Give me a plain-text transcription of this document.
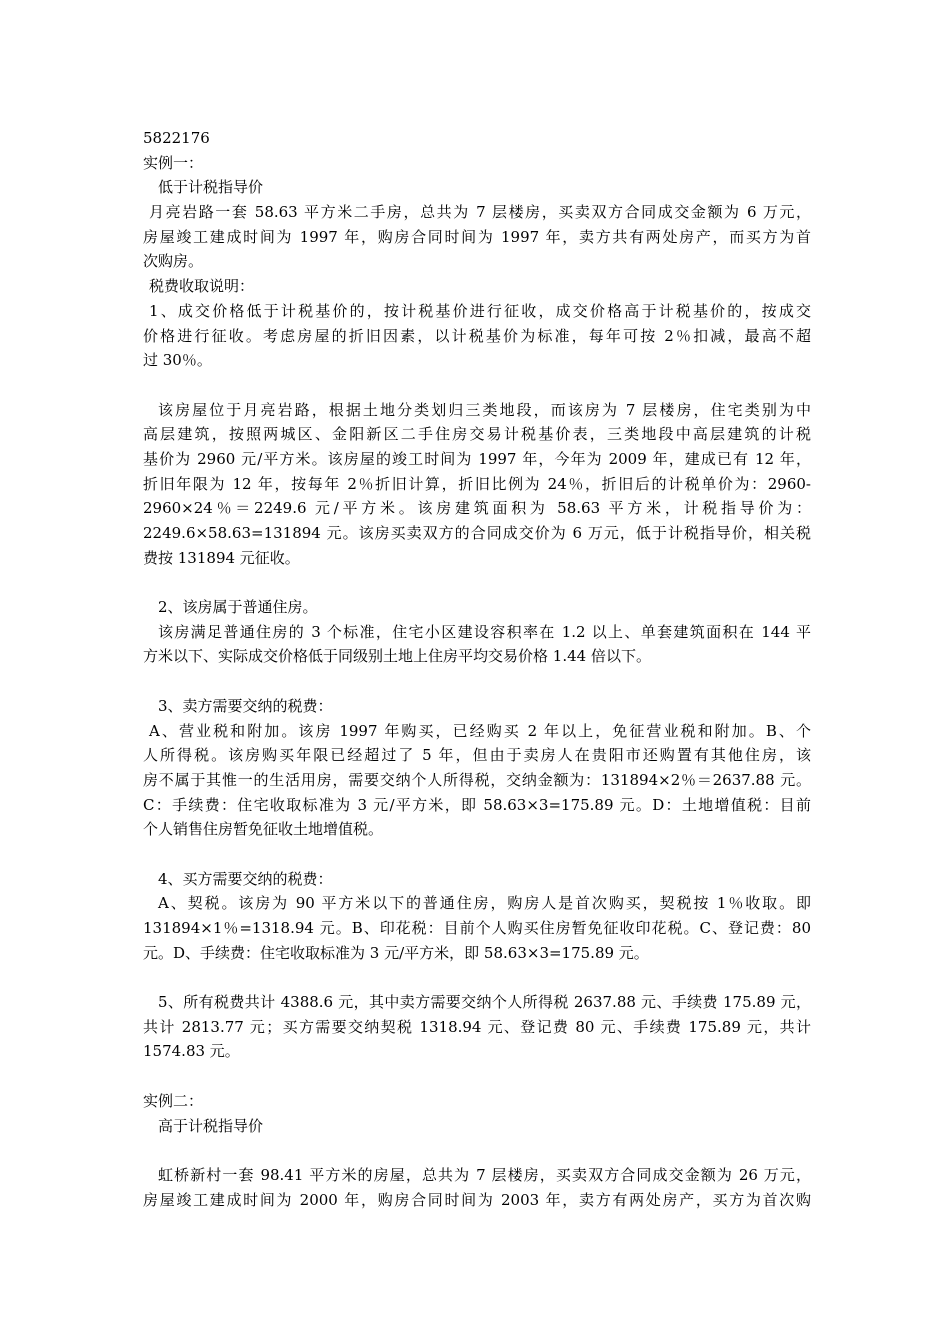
5822176
实例一：
低于计税指导价
月亮岩路一套 58.63 平方米二手房，总共为 7 层楼房，买卖双方合同成交金额为 6 万元，
房屋竣工建成时间为 1997 年，购房合同时间为 1997 年，卖方共有两处房产，而买方为首
次购房。
税费收取说明：
1、成交价格低于计税基价的，按计税基价进行征收，成交价格高于计税基价的，按成交
价格进行征收。考虑房屋的折旧因素，以计税基价为标准，每年可按 2％扣减，最高不超
过 30％。
该房屋位于月亮岩路，根据土地分类划归三类地段，而该房为 7 层楼房，住宅类别为中
高层建筑，按照两城区、金阳新区二手住房交易计税基价表，三类地段中高层建筑的计税
基价为 2960 元/平方米。该房屋的竣工时间为 1997 年，今年为 2009 年，建成已有 12 年，
折旧年限为 12 年，按每年 2％折旧计算，折旧比例为 24％，折旧后的计税单价为：2960-
2960×24％＝2249.6 元/平方米。该房建筑面积为 58.63 平方米，计税指导价为：
2249.6×58.63=131894 元。该房买卖双方的合同成交价为 6 万元，低于计税指导价，相关税
费按 131894 元征收。
2、该房属于普通住房。
该房满足普通住房的 3 个标准，住宅小区建设容积率在 1.2 以上、单套建筑面积在 144 平
方米以下、实际成交价格低于同级别土地上住房平均交易价格 1.44 倍以下。
3、卖方需要交纳的税费：
A、营业税和附加。该房 1997 年购买，已经购买 2 年以上，免征营业税和附加。B、个
人所得税。该房购买年限已经超过了 5 年，但由于卖房人在贵阳市还购置有其他住房，该
房不属于其惟一的生活用房，需要交纳个人所得税，交纳金额为：131894×2％＝2637.88 元。
C：手续费：住宅收取标准为 3 元/平方米，即 58.63×3=175.89 元。D：土地增值税：目前
个人销售住房暂免征收土地增值税。
4、买方需要交纳的税费：
A、契税。该房为 90 平方米以下的普通住房，购房人是首次购买，契税按 1％收取。即
131894×1％=1318.94 元。B、印花税：目前个人购买住房暂免征收印花税。C、登记费：80
元。D、手续费：住宅收取标准为 3 元/平方米，即 58.63×3=175.89 元。
5、所有税费共计 4388.6 元，其中卖方需要交纳个人所得税 2637.88 元、手续费 175.89 元，
共计 2813.77 元；买方需要交纳契税 1318.94 元、登记费 80 元、手续费 175.89 元，共计
1574.83 元。
实例二：
高于计税指导价
虹桥新村一套 98.41 平方米的房屋，总共为 7 层楼房，买卖双方合同成交金额为 26 万元，
房屋竣工建成时间为 2000 年，购房合同时间为 2003 年，卖方有两处房产，买方为首次购
